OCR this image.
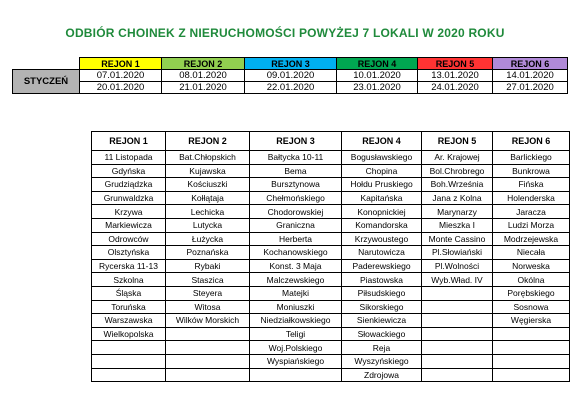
ODBIÓR CHOINEK Z NIERUCHOMOŚCI POWYŻEJ 7 LOKALI W 2020 ROKU
	REJON 1	REJON 2	REJON 3	REJON 4	REJON 5	REJON 6
STYCZEŃ	07.01.2020	08.01.2020	09.01.2020	10.01.2020	13.01.2020	14.01.2020
	20.01.2020	21.01.2020	22.01.2020	23.01.2020	24.01.2020	27.01.2020
REJON 1	REJON 2	REJON 3	REJON 4	REJON 5	REJON 6
11 Listopada	Bat.Chłopskich	Bałtycka 10-11	Bogusławskiego	Ar. Krajowej	Barlickiego
Gdyńska	Kujawska	Bema	Chopina	Bol.Chrobrego	Bunkrowa
Grudziądzka	Kościuszki	Bursztynowa	Hołdu Pruskiego	Boh.Września	Fińska
Grunwaldzka	Kołłątaja	Chełmońskiego	Kapitańska	Jana z Kolna	Holenderska
Krzywa	Lechicka	Chodorowskiej	Konopnickiej	Marynarzy	Jaracza
Markiewicza	Lutycka	Graniczna	Komandorska	Mieszka I	Ludzi Morza
Odrowców	Łużycka	Herberta	Krzywoustego	Monte Cassino	Modrzejewska
Olsztyńska	Poznańska	Kochanowskiego	Narutowicza	Pl.Słowiański	Niecała
Rycerska 11-13	Rybaki	Konst. 3 Maja	Paderewskiego	Pl.Wolności	Norweska
Szkolna	Staszica	Malczewskiego	Piastowska	Wyb.Wład. IV	Okólna
Śląska	Steyera	Matejki	Piłsudskiego		Porębskiego
Toruńska	Witosa	Moniuszki	Sikorskiego		Sosnowa
Warszawska	Wilków Morskich	Niedziałkowskiego	Sienkiewicza		Węgierska
Wielkopolska		Teligi	Słowackiego		
		Woj.Polskiego	Reja		
		Wyspiańskiego	Wyszyńskiego		
			Zdrojowa		
